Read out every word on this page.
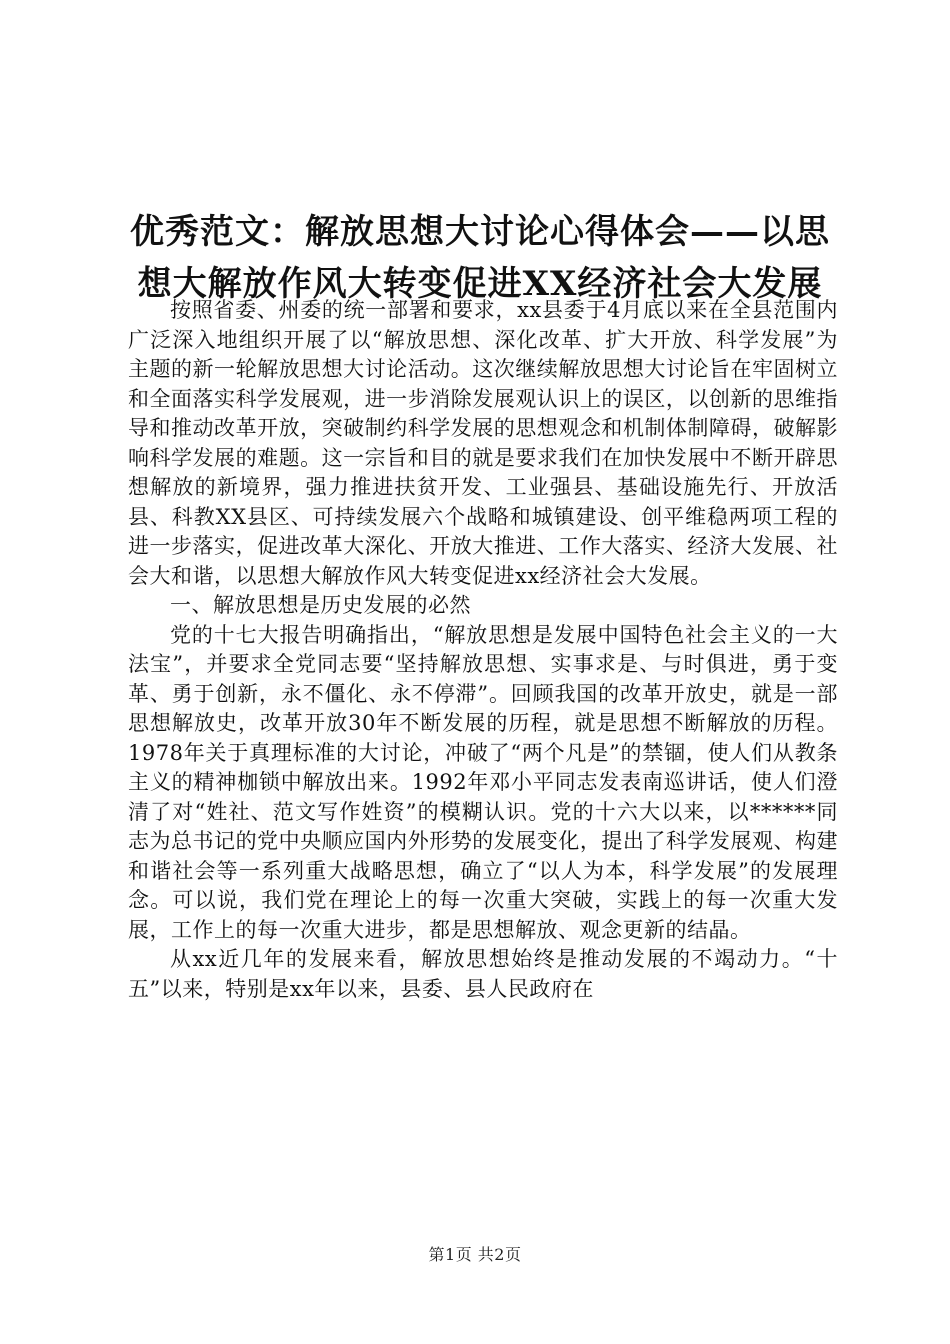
优秀范文：解放思想大讨论心得体会——以思
想大解放作风大转变促进XX经济社会大发展

按照省委、州委的统一部署和要求，xx县委于4月底以来在全县范围内广泛深入地组织开展了以“解放思想、深化改革、扩大开放、科学发展”为主题的新一轮解放思想大讨论活动。这次继续解放思想大讨论旨在牢固树立和全面落实科学发展观，进一步消除发展观认识上的误区，以创新的思维指导和推动改革开放，突破制约科学发展的思想观念和机制体制障碍，破解影响科学发展的难题。这一宗旨和目的就是要求我们在加快发展中不断开辟思想解放的新境界，强力推进扶贫开发、工业强县、基础设施先行、开放活县、科教XX县区、可持续发展六个战略和城镇建设、创平维稳两项工程的进一步落实，促进改革大深化、开放大推进、工作大落实、经济大发展、社会大和谐，以思想大解放作风大转变促进xx经济社会大发展。

一、解放思想是历史发展的必然

党的十七大报告明确指出，“解放思想是发展中国特色社会主义的一大法宝”，并要求全党同志要“坚持解放思想、实事求是、与时俱进，勇于变革、勇于创新，永不僵化、永不停滞”。回顾我国的改革开放史，就是一部思想解放史，改革开放30年不断发展的历程，就是思想不断解放的历程。1978年关于真理标准的大讨论，冲破了“两个凡是”的禁锢，使人们从教条主义的精神枷锁中解放出来。1992年邓小平同志发表南巡讲话，使人们澄清了对“姓社、范文写作姓资”的模糊认识。党的十六大以来，以******同志为总书记的党中央顺应国内外形势的发展变化，提出了科学发展观、构建和谐社会等一系列重大战略思想，确立了“以人为本，科学发展”的发展理念。可以说，我们党在理论上的每一次重大突破，实践上的每一次重大发展，工作上的每一次重大进步，都是思想解放、观念更新的结晶。

从xx近几年的发展来看，解放思想始终是推动发展的不竭动力。“十五”以来，特别是xx年以来，县委、县人民政府在

第1页 共2页
